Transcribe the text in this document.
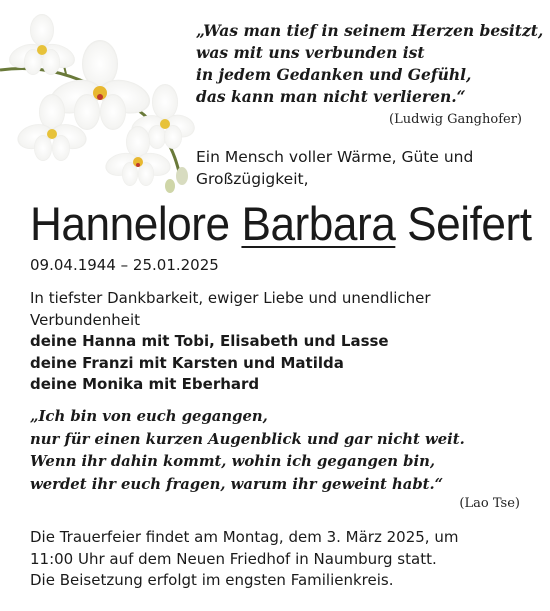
„Was man tief in seinem Herzen besitzt,
was mit uns verbunden ist
in jedem Gedanken und Gefühl,
das kann man nicht verlieren.“
(Ludwig Ganghofer)
Ein Mensch voller Wärme, Güte und
Großzügigkeit,
Hannelore Barbara Seifert
09.04.1944 – 25.01.2025
In tiefster Dankbarkeit, ewiger Liebe und unendlicher
Verbundenheit
deine Hanna mit Tobi, Elisabeth und Lasse
deine Franzi mit Karsten und Matilda
deine Monika mit Eberhard
„Ich bin von euch gegangen,
nur für einen kurzen Augenblick und gar nicht weit.
Wenn ihr dahin kommt, wohin ich gegangen bin,
werdet ihr euch fragen, warum ihr geweint habt.“
(Lao Tse)
Die Trauerfeier findet am Montag, dem 3. März 2025, um
11:00 Uhr auf dem Neuen Friedhof in Naumburg statt.
Die Beisetzung erfolgt im engsten Familienkreis.
